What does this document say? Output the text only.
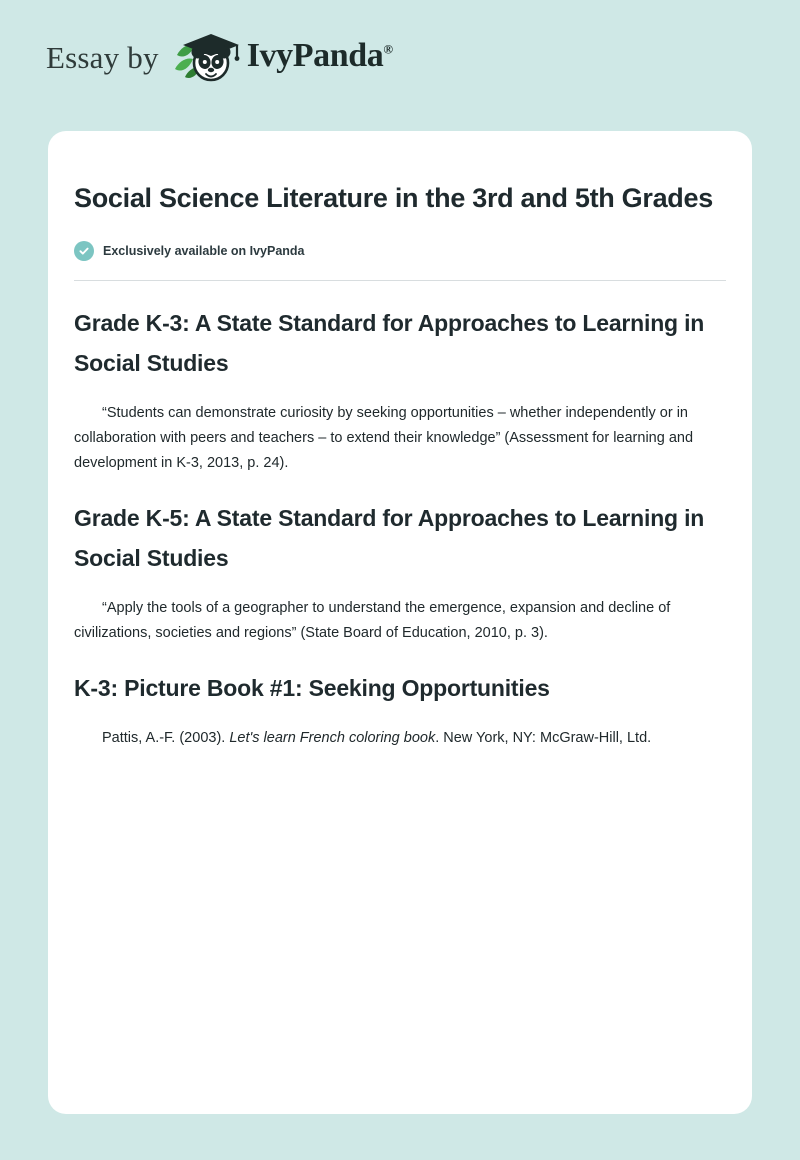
Essay by	IvyPanda®
Social Science Literature in the 3rd and 5th Grades
Exclusively available on IvyPanda
Grade K-3: A State Standard for Approaches to Learning in Social Studies

“Students can demonstrate curiosity by seeking opportunities – whether independently or in collaboration with peers and teachers – to extend their knowledge” (Assessment for learning and development in K-3, 2013, p. 24).

Grade K-5: A State Standard for Approaches to Learning in Social Studies

“Apply the tools of a geographer to understand the emergence, expansion and decline of civilizations, societies and regions” (State Board of Education, 2010, p. 3).

K-3: Picture Book #1: Seeking Opportunities

Pattis, A.-F. (2003). Let's learn French coloring book. New York, NY: McGraw-Hill, Ltd.
